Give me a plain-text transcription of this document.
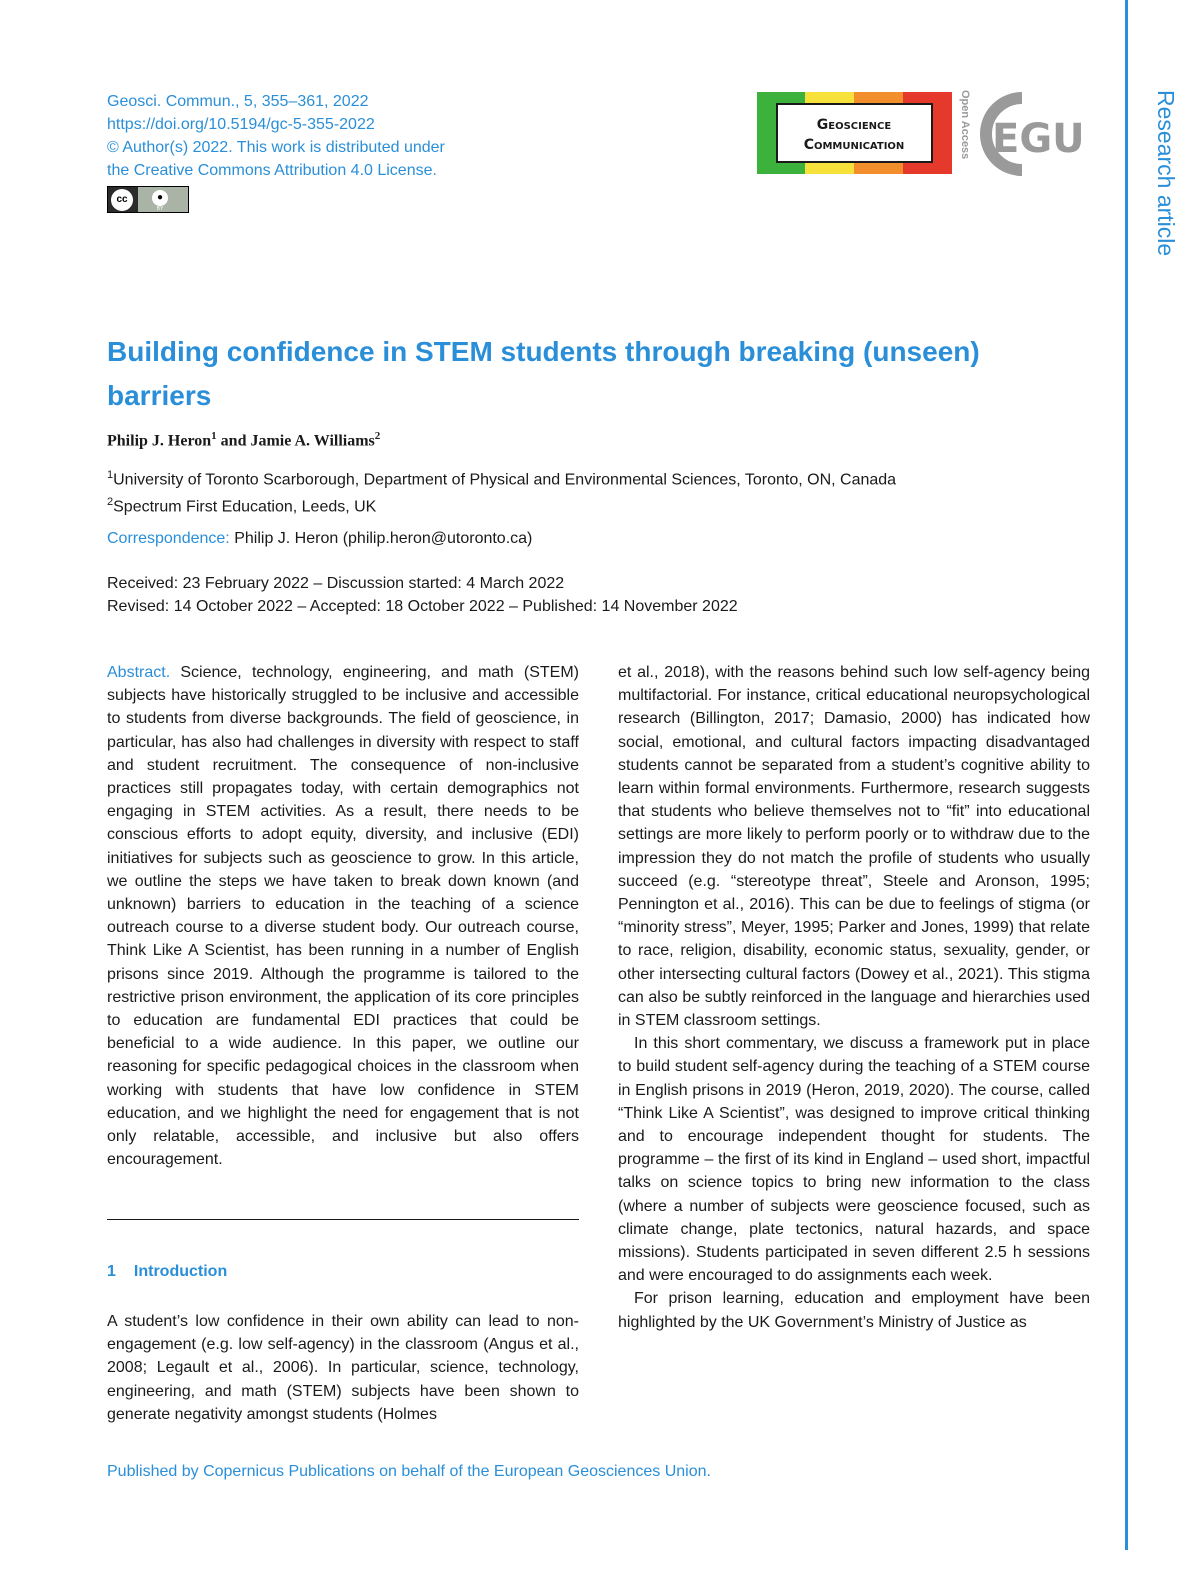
Geosci. Commun., 5, 355–361, 2022
https://doi.org/10.5194/gc-5-355-2022
© Author(s) 2022. This work is distributed under
the Creative Commons Attribution 4.0 License.
cc	●
BY
Geoscience
Communication	Open Access EGU	Research article
Building confidence in STEM students through breaking (unseen) barriers
Philip J. Heron$^1$ and Jamie A. Williams$^2$
$^1$University of Toronto Scarborough, Department of Physical and Environmental Sciences, Toronto, ON, Canada
$^2$Spectrum First Education, Leeds, UK
Correspondence: Philip J. Heron (philip.heron@utoronto.ca)
Received: 23 February 2022 – Discussion started: 4 March 2022
Revised: 14 October 2022 – Accepted: 18 October 2022 – Published: 14 November 2022

Abstract. Science, technology, engineering, and math (STEM) subjects have historically struggled to be inclusive and accessible to students from diverse backgrounds. The field of geoscience, in particular, has also had challenges in diversity with respect to staff and student recruitment. The consequence of non-inclusive practices still propagates today, with certain demographics not engaging in STEM activities. As a result, there needs to be conscious efforts to adopt equity, diversity, and inclusive (EDI) initiatives for subjects such as geoscience to grow. In this article, we outline the steps we have taken to break down known (and unknown) barriers to education in the teaching of a science outreach course to a diverse student body. Our outreach course, Think Like A Scientist, has been running in a number of English prisons since 2019. Although the programme is tailored to the restrictive prison environment, the application of its core principles to education are fundamental EDI practices that could be beneficial to a wide audience. In this paper, we outline our reasoning for specific pedagogical choices in the classroom when working with students that have low confidence in STEM education, and we highlight the need for engagement that is not only relatable, accessible, and inclusive but also offers encouragement.

1 Introduction

A student’s low confidence in their own ability can lead to non-engagement (e.g. low self-agency) in the classroom (Angus et al., 2008; Legault et al., 2006). In particular, science, technology, engineering, and math (STEM) subjects have been shown to generate negativity amongst students (Holmes

et al., 2018), with the reasons behind such low self-agency being multifactorial. For instance, critical educational neuropsychological research (Billington, 2017; Damasio, 2000) has indicated how social, emotional, and cultural factors impacting disadvantaged students cannot be separated from a student’s cognitive ability to learn within formal environments. Furthermore, research suggests that students who believe themselves not to “fit” into educational settings are more likely to perform poorly or to withdraw due to the impression they do not match the profile of students who usually succeed (e.g. “stereotype threat”, Steele and Aronson, 1995; Pennington et al., 2016). This can be due to feelings of stigma (or “minority stress”, Meyer, 1995; Parker and Jones, 1999) that relate to race, religion, disability, economic status, sexuality, gender, or other intersecting cultural factors (Dowey et al., 2021). This stigma can also be subtly reinforced in the language and hierarchies used in STEM classroom settings.

In this short commentary, we discuss a framework put in place to build student self-agency during the teaching of a STEM course in English prisons in 2019 (Heron, 2019, 2020). The course, called “Think Like A Scientist”, was designed to improve critical thinking and to encourage independent thought for students. The programme – the first of its kind in England – used short, impactful talks on science topics to bring new information to the class (where a number of subjects were geoscience focused, such as climate change, plate tectonics, natural hazards, and space missions). Students participated in seven different 2.5 h sessions and were encouraged to do assignments each week.

For prison learning, education and employment have been highlighted by the UK Government’s Ministry of Justice as

Published by Copernicus Publications on behalf of the European Geosciences Union.
